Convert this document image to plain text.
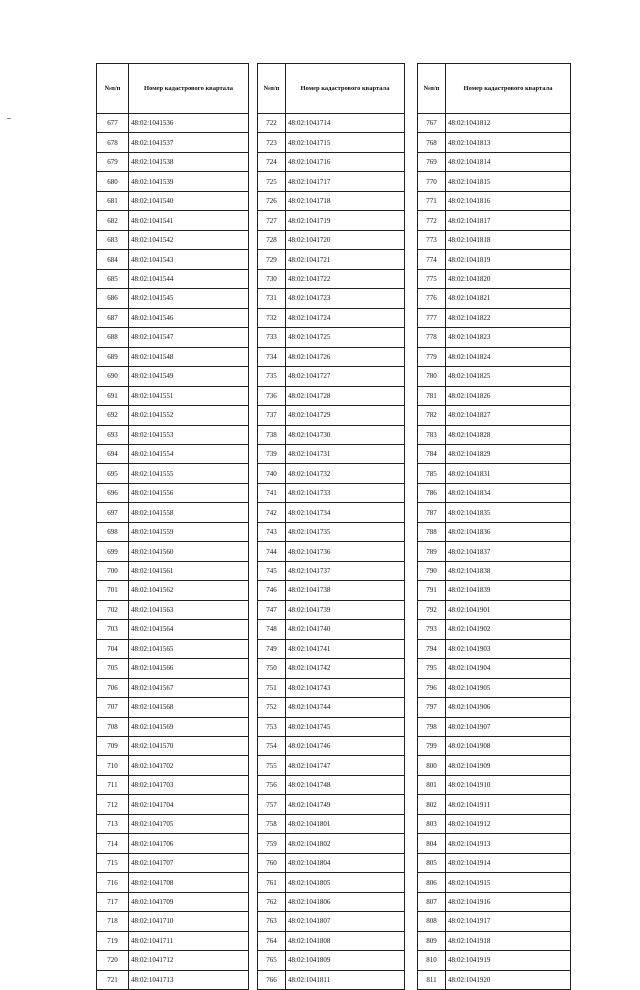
№п/п	Номер кадастрового квартала
677	48:02:1041536
678	48:02:1041537
679	48:02:1041538
680	48:02:1041539
681	48:02:1041540
682	48:02:1041541
683	48:02:1041542
684	48:02:1041543
685	48:02:1041544
686	48:02:1041545
687	48:02:1041546
688	48:02:1041547
689	48:02:1041548
690	48:02:1041549
691	48:02:1041551
692	48:02:1041552
693	48:02:1041553
694	48:02:1041554
695	48:02:1041555
696	48:02:1041556
697	48:02:1041558
698	48:02:1041559
699	48:02:1041560
700	48:02:1041561
701	48:02:1041562
702	48:02:1041563
703	48:02:1041564
704	48:02:1041565
705	48:02:1041566
706	48:02:1041567
707	48:02:1041568
708	48:02:1041569
709	48:02:1041570
710	48:02:1041702
711	48:02:1041703
712	48:02:1041704
713	48:02:1041705
714	48:02:1041706
715	48:02:1041707
716	48:02:1041708
717	48:02:1041709
718	48:02:1041710
719	48:02:1041711
720	48:02:1041712
721	48:02:1041713
№п/п	Номер кадастрового квартала
722	48:02:1041714
723	48:02:1041715
724	48:02:1041716
725	48:02:1041717
726	48:02:1041718
727	48:02:1041719
728	48:02:1041720
729	48:02:1041721
730	48:02:1041722
731	48:02:1041723
732	48:02:1041724
733	48:02:1041725
734	48:02:1041726
735	48:02:1041727
736	48:02:1041728
737	48:02:1041729
738	48:02:1041730
739	48:02:1041731
740	48:02:1041732
741	48:02:1041733
742	48:02:1041734
743	48:02:1041735
744	48:02:1041736
745	48:02:1041737
746	48:02:1041738
747	48:02:1041739
748	48:02:1041740
749	48:02:1041741
750	48:02:1041742
751	48:02:1041743
752	48:02:1041744
753	48:02:1041745
754	48:02:1041746
755	48:02:1041747
756	48:02:1041748
757	48:02:1041749
758	48:02:1041801
759	48:02:1041802
760	48:02:1041804
761	48:02:1041805
762	48:02:1041806
763	48:02:1041807
764	48:02:1041808
765	48:02:1041809
766	48:02:1041811
№п/п	Номер кадастрового квартала
767	48:02:1041812
768	48:02:1041813
769	48:02:1041814
770	48:02:1041815
771	48:02:1041816
772	48:02:1041817
773	48:02:1041818
774	48:02:1041819
775	48:02:1041820
776	48:02:1041821
777	48:02:1041822
778	48:02:1041823
779	48:02:1041824
780	48:02:1041825
781	48:02:1041826
782	48:02:1041827
783	48:02:1041828
784	48:02:1041829
785	48:02:1041831
786	48:02:1041834
787	48:02:1041835
788	48:02:1041836
789	48:02:1041837
790	48:02:1041838
791	48:02:1041839
792	48:02:1041901
793	48:02:1041902
794	48:02:1041903
795	48:02:1041904
796	48:02:1041905
797	48:02:1041906
798	48:02:1041907
799	48:02:1041908
800	48:02:1041909
801	48:02:1041910
802	48:02:1041911
803	48:02:1041912
804	48:02:1041913
805	48:02:1041914
806	48:02:1041915
807	48:02:1041916
808	48:02:1041917
809	48:02:1041918
810	48:02:1041919
811	48:02:1041920
